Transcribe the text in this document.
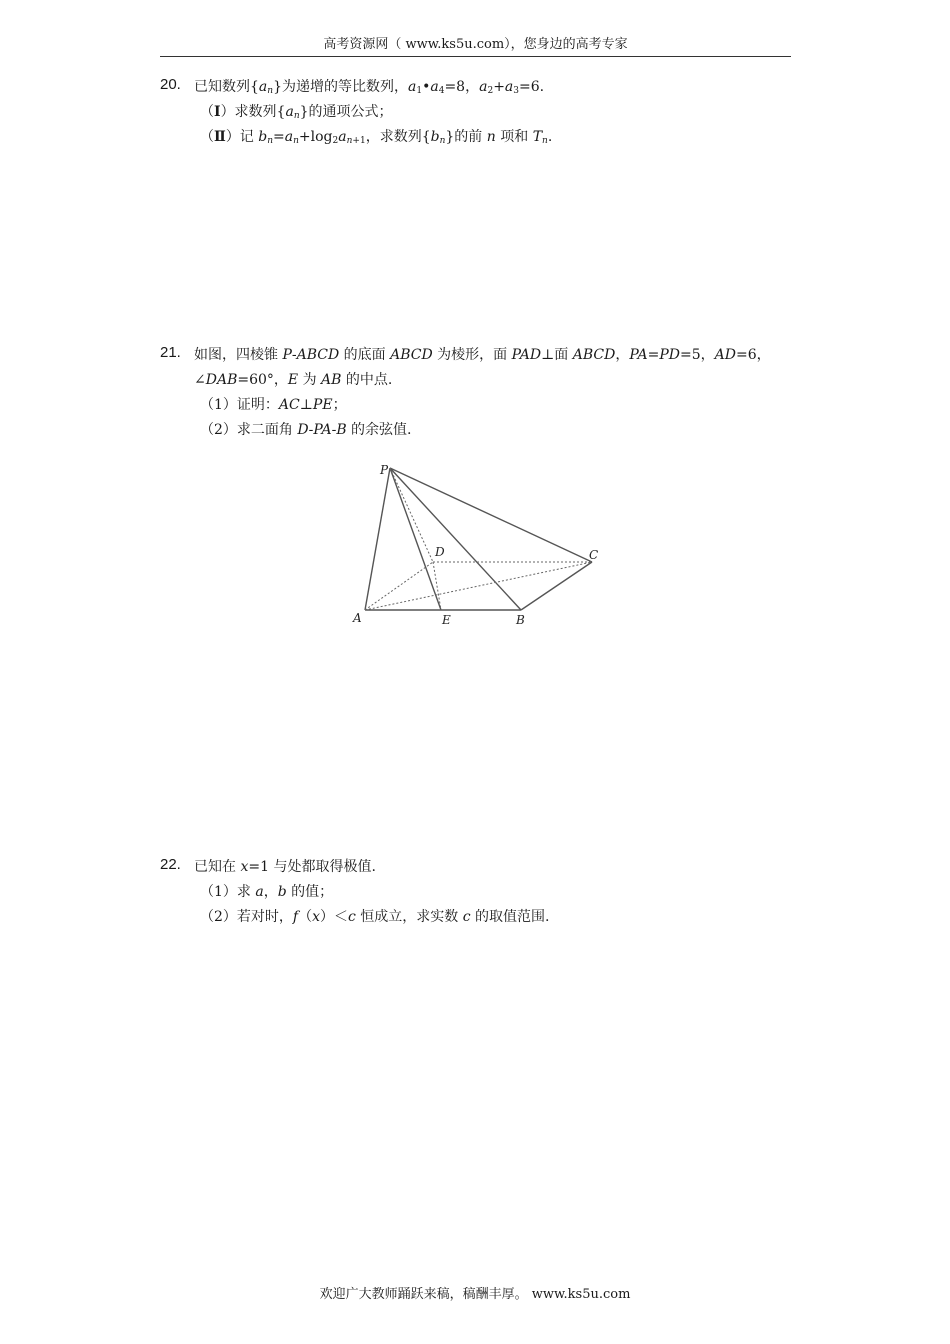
高考资源网（ www.ks5u.com），您身边的高考专家
20. 已知数列$\{a_n\}$为递增的等比数列，$a_1•a_4=8$，$a_2+a_3=6$.
（Ⅰ）求数列$\{a_n\}$的通项公式；
（Ⅱ）记 $b_n=a_n+\log_2a_{n+1}$，求数列$\{b_n\}$的前 n 项和 $T_n$.
21. 如图，四棱锥 P-ABCD 的底面 ABCD 为棱形，面 PAD⊥面 ABCD，PA=PD=5，AD=6，
∠DAB=60°，E 为 AB 的中点.
（1）证明：AC⊥PE；
（2）求二面角 D-PA-B 的余弦值.
P
A	E	B
C
D
22. 已知在 x=1 与处都取得极值.
（1）求 a，b 的值；
（2）若对时，f（x）＜c 恒成立，求实数 c 的取值范围.
欢迎广大教师踊跃来稿，稿酬丰厚。 www.ks5u.com
